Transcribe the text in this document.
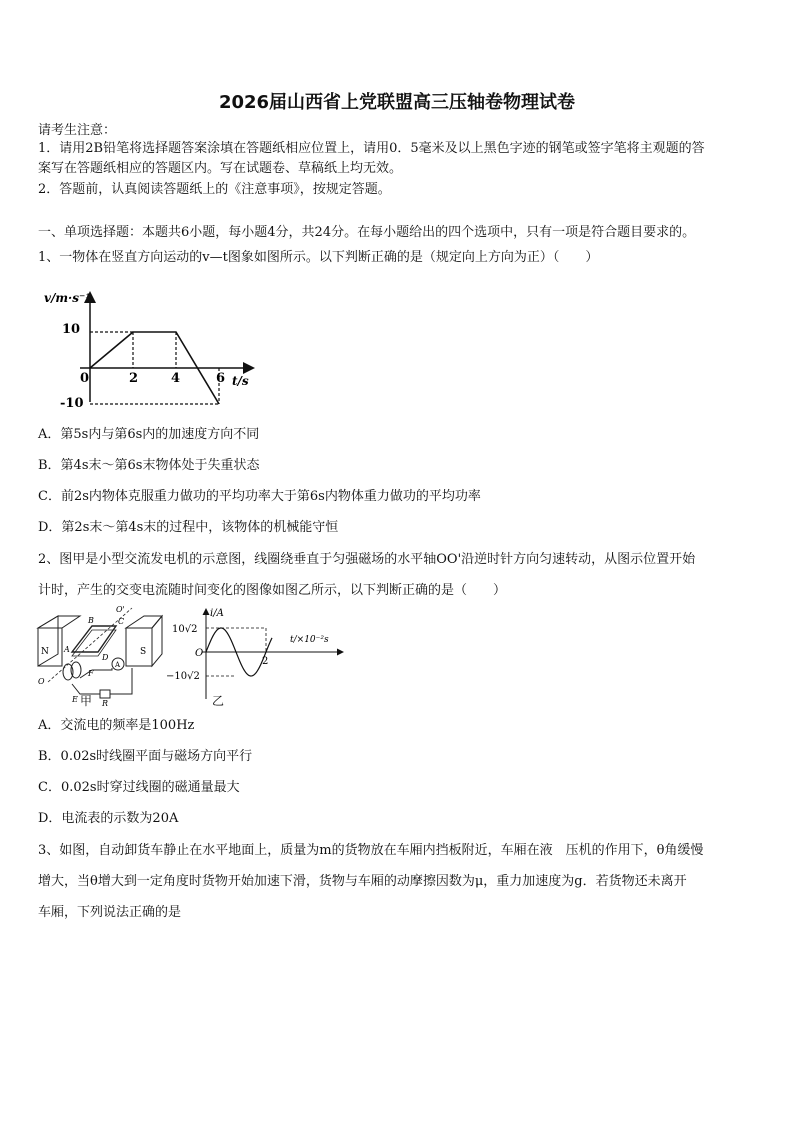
2026届山西省上党联盟高三压轴卷物理试卷
请考生注意：
1．请用2B铅笔将选择题答案涂填在答题纸相应位置上，请用0．5毫米及以上黑色字迹的钢笔或签字笔将主观题的答
案写在答题纸相应的答题区内。写在试题卷、草稿纸上均无效。
2．答题前，认真阅读答题纸上的《注意事项》，按规定答题。
一、单项选择题：本题共6小题，每小题4分，共24分。在每小题给出的四个选项中，只有一项是符合题目要求的。
1、一物体在竖直方向运动的v—t图象如图所示。以下判断正确的是（规定向上方向为正）（　　）
v/m·s⁻¹
0
10
-10
2	4	6 t/s
A．第5s内与第6s内的加速度方向不同
B．第4s末～第6s末物体处于失重状态
C．前2s内物体克服重力做功的平均功率大于第6s内物体重力做功的平均功率
D．第2s末～第4s末的过程中，该物体的机械能守恒
2、图甲是小型交流发电机的示意图，线圈绕垂直于匀强磁场的水平轴OO'沿逆时针方向匀速转动，从图示位置开始
计时，产生的交变电流随时间变化的图像如图乙所示，以下判断正确的是（　　）
N	S
O'
O
A
B	C
D
E
F
R
A
甲
i/A
t/×10⁻²s
O
10√2
−10√2
2
乙
A．交流电的频率是100Hz
B．0.02s时线圈平面与磁场方向平行
C．0.02s时穿过线圈的磁通量最大
D．电流表的示数为20A
3、如图，自动卸货车静止在水平地面上，质量为m的货物放在车厢内挡板附近，车厢在液　压机的作用下，θ角缓慢
增大，当θ增大到一定角度时货物开始加速下滑，货物与车厢的动摩擦因数为μ，重力加速度为g．若货物还未离开
车厢，下列说法正确的是
